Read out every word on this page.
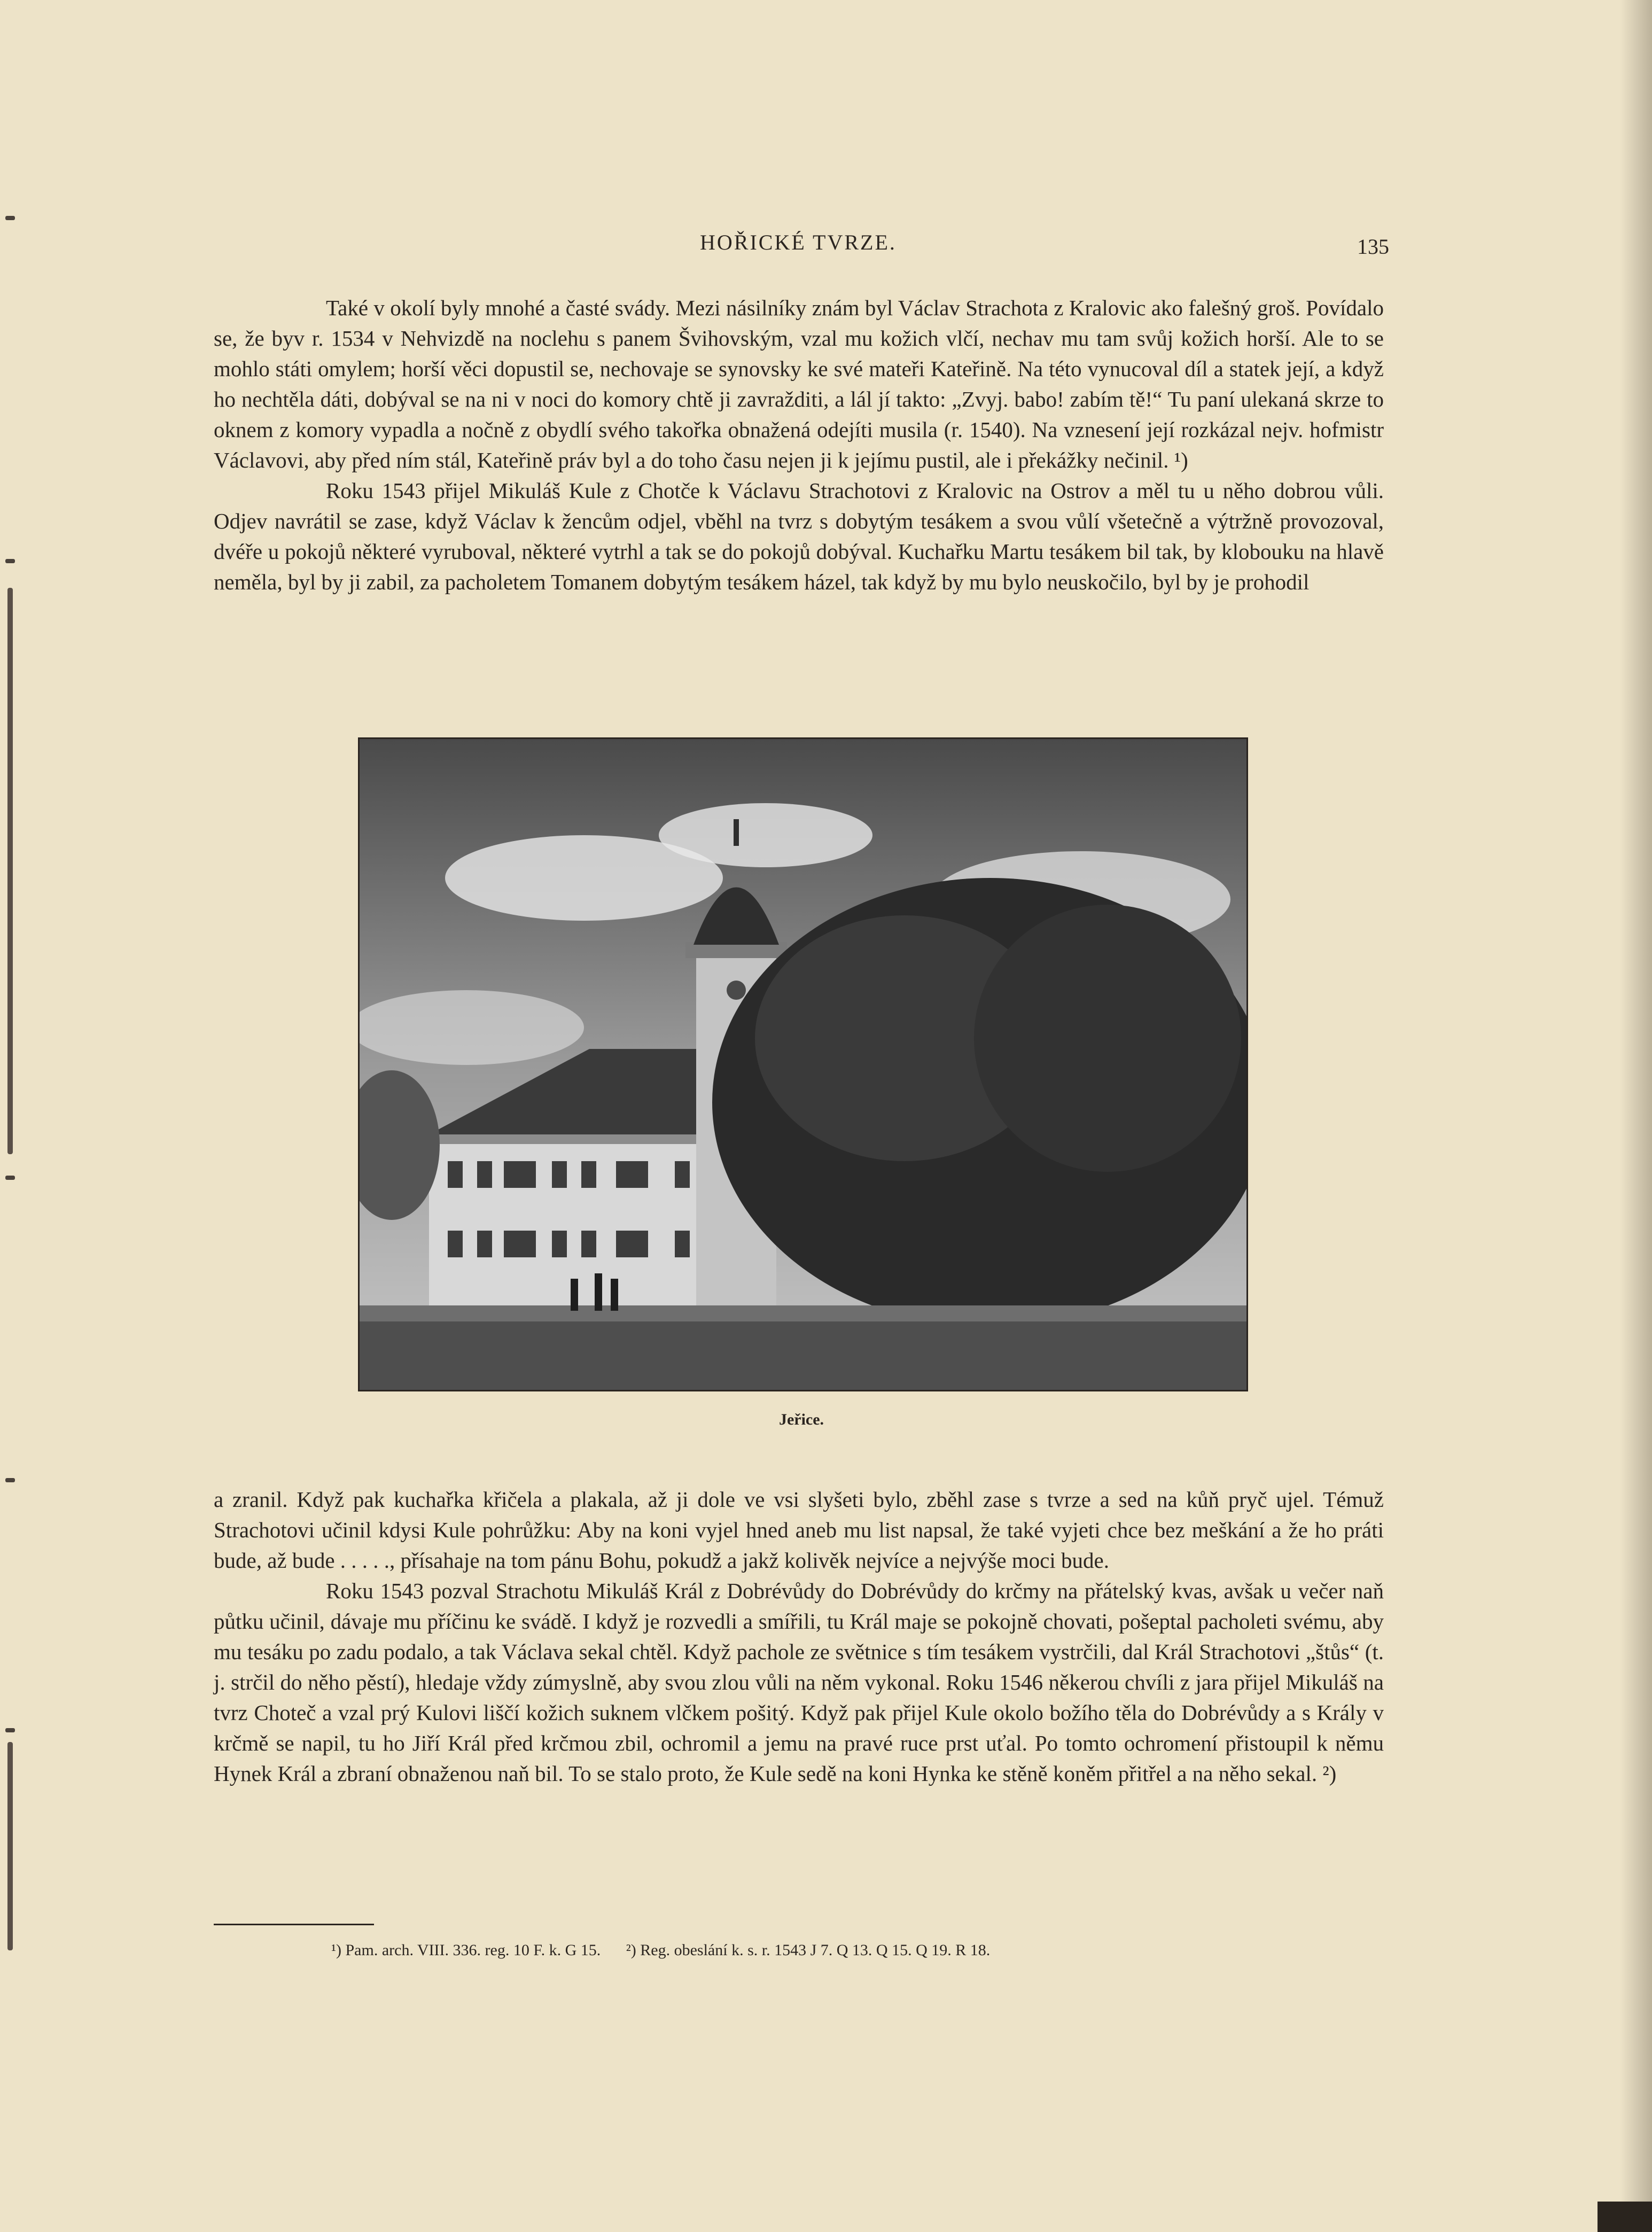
HOŘICKÉ TVRZE.	135

Také v okolí byly mnohé a časté svády. Mezi násilníky znám byl Václav Strachota z Kralovic ako falešný groš. Povídalo se, že byv r. 1534 v Nehvizdě na noclehu s panem Švihovským, vzal mu kožich vlčí, nechav mu tam svůj kožich horší. Ale to se mohlo státi omylem; horší věci dopustil se, nechovaje se synovsky ke své mateři Kateřině. Na této vynucoval díl a statek její, a když ho nechtěla dáti, dobýval se na ni v noci do komory chtě ji zavražditi, a lál jí takto: „Zvyj. babo! zabím tě!“ Tu paní ulekaná skrze to oknem z komory vypadla a nočně z obydlí svého takořka obnažená odejíti musila (r. 1540). Na vznesení její rozkázal nejv. hofmistr Václavovi, aby před ním stál, Kateřině práv byl a do toho času nejen ji k jejímu pustil, ale i překážky nečinil. ¹)

Roku 1543 přijel Mikuláš Kule z Chotče k Václavu Strachotovi z Kralovic na Ostrov a měl tu u něho dobrou vůli. Odjev navrátil se zase, když Václav k žencům odjel, vběhl na tvrz s dobytým tesákem a svou vůlí všetečně a výtržně provozoval, dvéře u pokojů některé vyruboval, některé vytrhl a tak se do pokojů dobýval. Kuchařku Martu tesákem bil tak, by klobouku na hlavě neměla, byl by ji zabil, za pacholetem Tomanem dobytým tesákem házel, tak když by mu bylo neuskočilo, byl by je prohodil

Jeřice.

a zranil. Když pak kuchařka křičela a plakala, až ji dole ve vsi slyšeti bylo, zběhl zase s tvrze a sed na kůň pryč ujel. Témuž Strachotovi učinil kdysi Kule pohrůžku: Aby na koni vyjel hned aneb mu list napsal, že také vyjeti chce bez meškání a že ho práti bude, až bude . . . . ., přísahaje na tom pánu Bohu, pokudž a jakž kolivěk nejvíce a nejvýše moci bude.

Roku 1543 pozval Strachotu Mikuláš Král z Dobrévůdy do Dobrévůdy do krčmy na přátelský kvas, avšak u večer naň půtku učinil, dávaje mu příčinu ke svádě. I když je rozvedli a smířili, tu Král maje se pokojně chovati, pošeptal pacholeti svému, aby mu tesáku po zadu podalo, a tak Václava sekal chtěl. Když pachole ze světnice s tím tesákem vystrčili, dal Král Strachotovi „štůs“ (t. j. strčil do něho pěstí), hledaje vždy zúmyslně, aby svou zlou vůli na něm vykonal. Roku 1546 někerou chvíli z jara přijel Mikuláš na tvrz Choteč a vzal prý Kulovi liščí kožich suknem vlčkem pošitý. Když pak přijel Kule okolo božího těla do Dobrévůdy a s Krály v krčmě se napil, tu ho Jiří Král před krčmou zbil, ochromil a jemu na pravé ruce prst uťal. Po tomto ochromení přistoupil k němu Hynek Král a zbraní obnaženou naň bil. To se stalo proto, že Kule sedě na koni Hynka ke stěně koněm přitřel a na něho sekal. ²)

¹) Pam. arch. VIII. 336. reg. 10 F. k. G 15. ²) Reg. obeslání k. s. r. 1543 J 7. Q 13. Q 15. Q 19. R 18.
